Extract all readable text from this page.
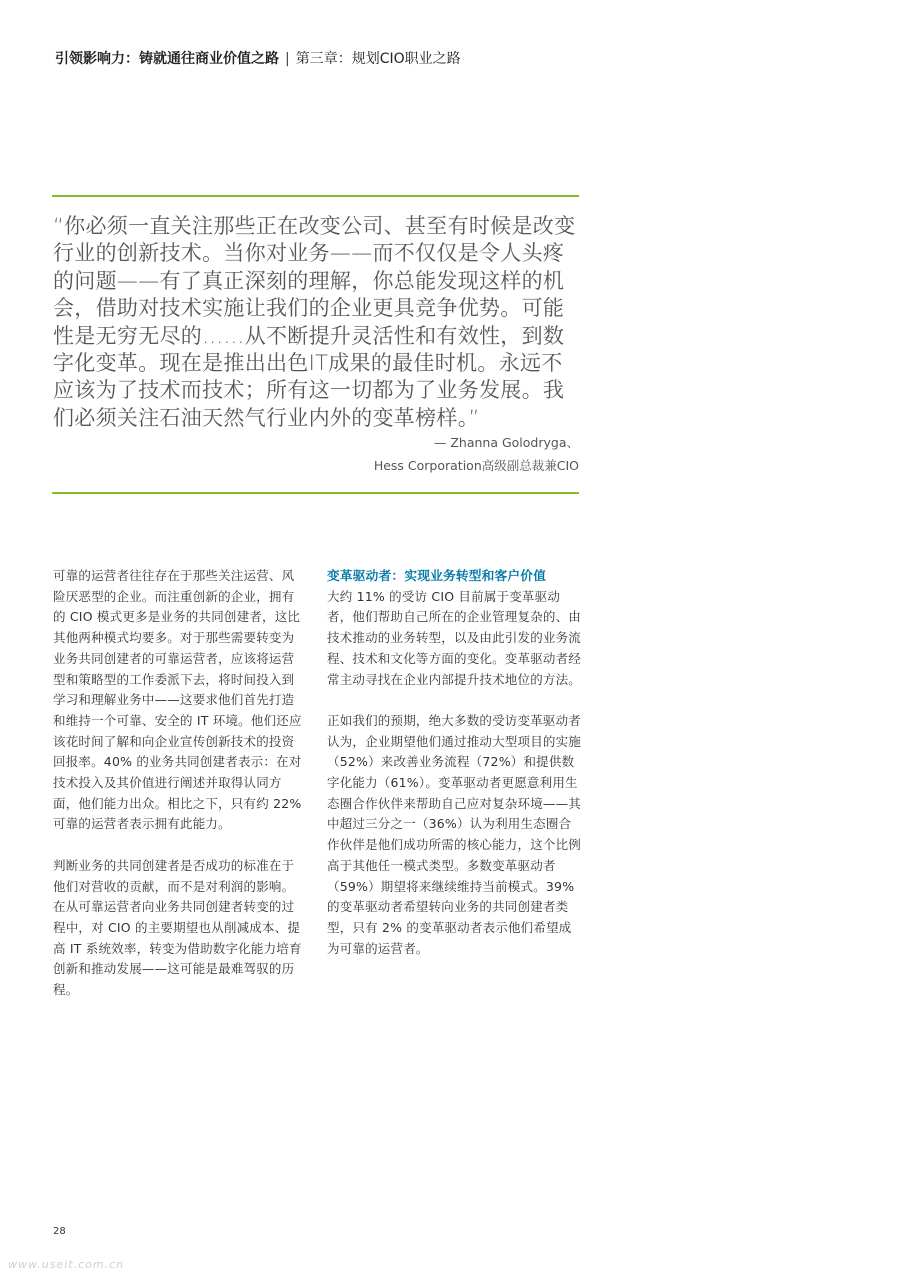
引领影响力：铸就通往商业价值之路 | 第三章：规划CIO职业之路
“你必须一直关注那些正在改变公司、甚至有时候是改变行业的创新技术。当你对业务——而不仅仅是令人头疼的问题——有了真正深刻的理解，你总能发现这样的机会，借助对技术实施让我们的企业更具竞争优势。可能性是无穷无尽的……从不断提升灵活性和有效性，到数字化变革。现在是推出出色IT成果的最佳时机。永远不应该为了技术而技术；所有这一切都为了业务发展。我们必须关注石油天然气行业内外的变革榜样。”
— Zhanna Golodryga、
Hess Corporation高级副总裁兼CIO

可靠的运营者往往存在于那些关注运营、风险厌恶型的企业。而注重创新的企业，拥有的 CIO 模式更多是业务的共同创建者，这比其他两种模式均要多。对于那些需要转变为业务共同创建者的可靠运营者，应该将运营型和策略型的工作委派下去，将时间投入到学习和理解业务中——这要求他们首先打造和维持一个可靠、安全的 IT 环境。他们还应该花时间了解和向企业宣传创新技术的投资回报率。40% 的业务共同创建者表示：在对技术投入及其价值进行阐述并取得认同方面，他们能力出众。相比之下，只有约 22% 可靠的运营者表示拥有此能力。

判断业务的共同创建者是否成功的标准在于他们对营收的贡献，而不是对利润的影响。在从可靠运营者向业务共同创建者转变的过程中，对 CIO 的主要期望也从削减成本、提高 IT 系统效率，转变为借助数字化能力培育创新和推动发展——这可能是最难驾驭的历程。

变革驱动者：实现业务转型和客户价值

大约 11% 的受访 CIO 目前属于变革驱动者，他们帮助自己所在的企业管理复杂的、由技术推动的业务转型，以及由此引发的业务流程、技术和文化等方面的变化。变革驱动者经常主动寻找在企业内部提升技术地位的方法。

正如我们的预期，绝大多数的受访变革驱动者认为，企业期望他们通过推动大型项目的实施（52%）来改善业务流程（72%）和提供数字化能力（61%）。变革驱动者更愿意利用生态圈合作伙伴来帮助自己应对复杂环境——其中超过三分之一（36%）认为利用生态圈合作伙伴是他们成功所需的核心能力，这个比例高于其他任一模式类型。多数变革驱动者（59%）期望将来继续维持当前模式。39% 的变革驱动者希望转向业务的共同创建者类型，只有 2% 的变革驱动者表示他们希望成为可靠的运营者。

28
www.useit.com.cn
